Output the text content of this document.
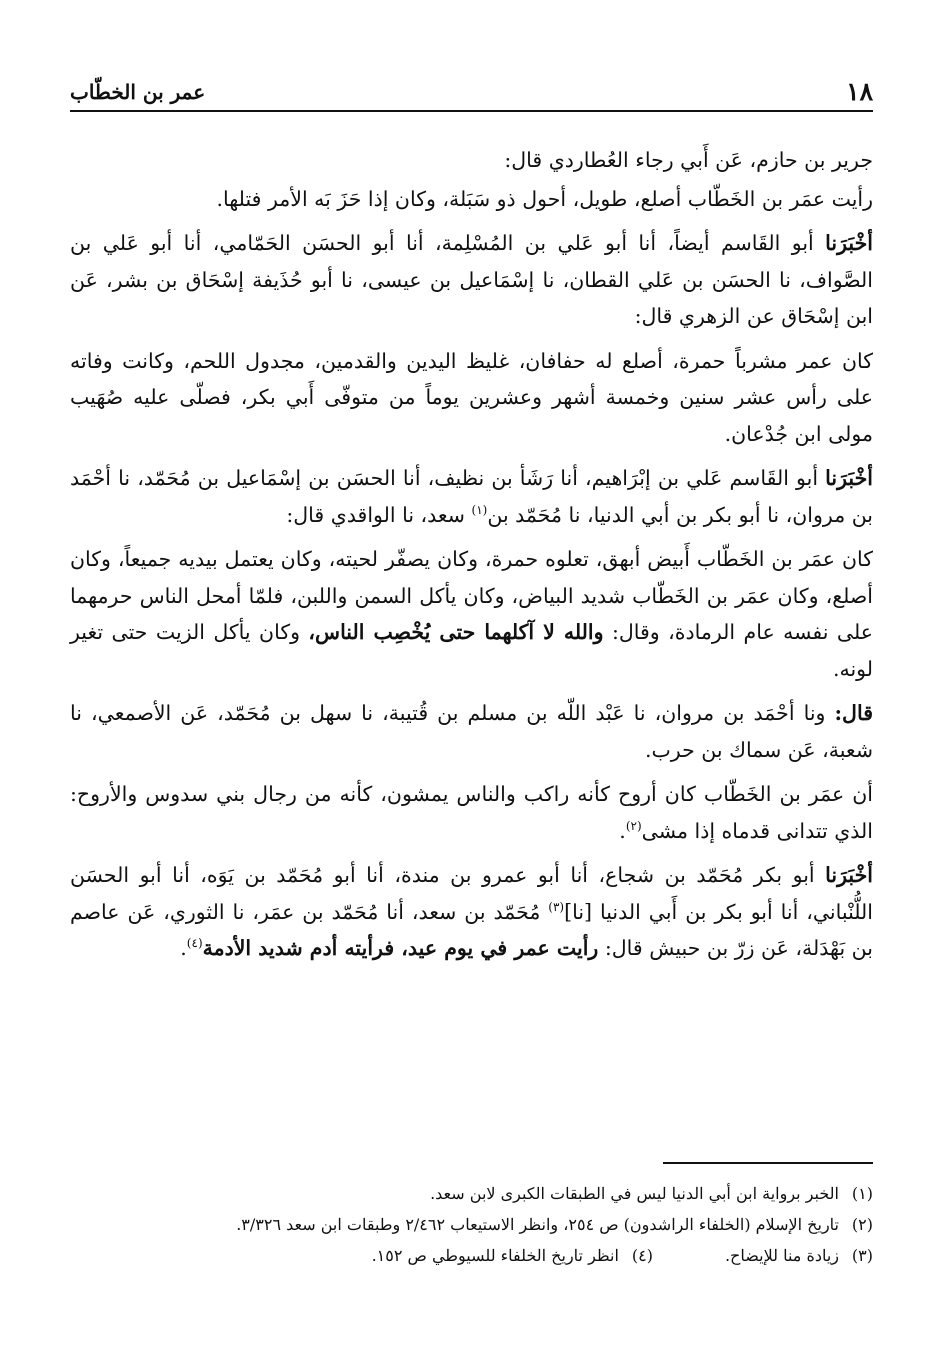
١٨
عمر بن الخطّاب

جرير بن حازم، عَن أَبي رجاء العُطاردي قال:

رأيت عمَر بن الخَطّاب أصلع، طويل، أحول ذو سَبَلة، وكان إذا حَزَ بَه الأمر فتلها.

أخْبَرَنا أبو القَاسم أيضاً، أنا أبو عَلي بن المُسْلِمة، أنا أبو الحسَن الحَمّامي، أنا أبو عَلي بن الصَّواف، نا الحسَن بن عَلي القطان، نا إسْمَاعيل بن عيسى، نا أبو حُذَيفة إسْحَاق بن بشر، عَن ابن إسْحَاق عن الزهري قال:

كان عمر مشرباً حمرة، أصلع له حفافان، غليظ اليدين والقدمين، مجدول اللحم، وكانت وفاته على رأس عشر سنين وخمسة أشهر وعشرين يوماً من متوفّى أَبي بكر، فصلّى عليه صُهَيب مولى ابن جُدْعان.

أخْبَرَنا أبو القَاسم عَلي بن إبْرَاهيم، أنا رَشَأ بن نظيف، أنا الحسَن بن إسْمَاعيل بن مُحَمّد، نا أحْمَد بن مروان، نا أبو بكر بن أبي الدنيا، نا مُحَمّد بن$^{(١)}$ سعد، نا الواقدي قال:

كان عمَر بن الخَطّاب أَبيض أبهق، تعلوه حمرة، وكان يصفّر لحيته، وكان يعتمل بيديه جميعاً، وكان أصلع، وكان عمَر بن الخَطّاب شديد البياض، وكان يأكل السمن واللبن، فلمّا أمحل الناس حرمهما على نفسه عام الرمادة، وقال: والله لا آكلهما حتى يُخْصِب الناس، وكان يأكل الزيت حتى تغير لونه.

قال: ونا أحْمَد بن مروان، نا عَبْد اللّه بن مسلم بن قُتيبة، نا سهل بن مُحَمّد، عَن الأصمعي، نا شعبة، عَن سماك بن حرب.

أن عمَر بن الخَطّاب كان أروح كأنه راكب والناس يمشون، كأنه من رجال بني سدوس والأروح: الذي تتدانى قدماه إذا مشى$^{(٢)}$.

أخْبَرَنا أبو بكر مُحَمّد بن شجاع، أنا أبو عمرو بن مندة، أنا أبو مُحَمّد بن يَوَه، أنا أبو الحسَن اللُّنْباني، أنا أبو بكر بن أَبي الدنيا [نا]$^{(٣)}$ مُحَمّد بن سعد، أنا مُحَمّد بن عمَر، نا الثوري، عَن عاصم بن بَهْدَلة، عَن زرّ بن حبيش قال: رأيت عمر في يوم عيد، فرأيته أدم شديد الأدمة$^{(٤)}$.

(١)الخبر برواية ابن أبي الدنيا ليس في الطبقات الكبرى لابن سعد.
(٢)تاريخ الإسلام (الخلفاء الراشدون) ص ٢٥٤، وانظر الاستيعاب ٢/٤٦٢ وطبقات ابن سعد ٣/٣٢٦.
(٣)زيادة منا للإيضاح.
(٤)انظر تاريخ الخلفاء للسيوطي ص ١٥٢.
